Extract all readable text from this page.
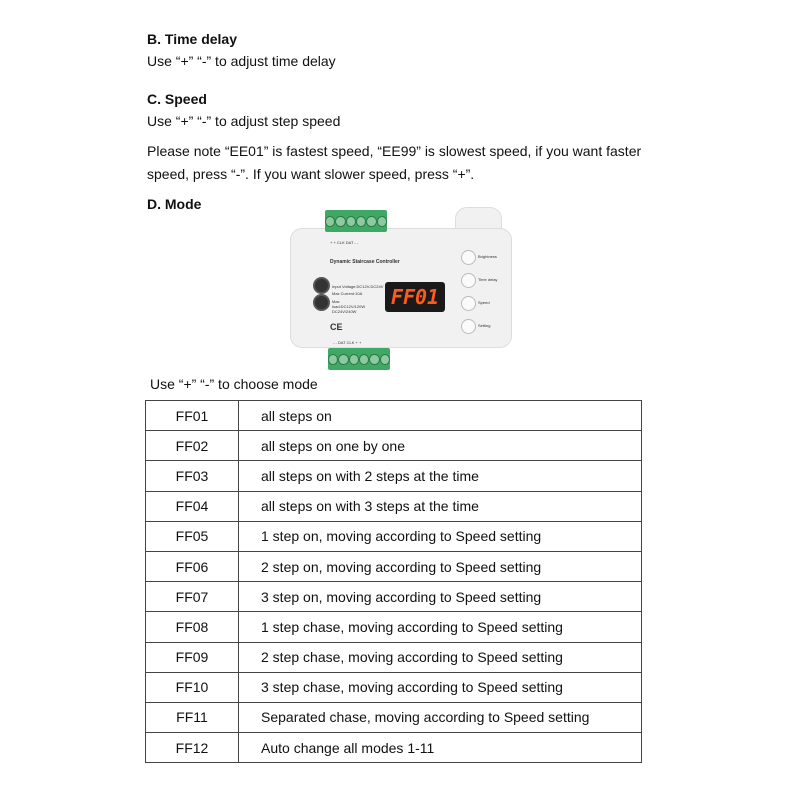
B. Time delay
Use “+” “-” to adjust time delay
C. Speed
Use “+” “-” to adjust step speed
Please note “EE01” is fastest speed, “EE99” is slowest speed, if you want faster speed, press “-”. If you want slower speed, press “+”.
D. Mode
+ + CLK DAT - -
- - DAT CLK + +
Dynamic Staircase Controller
Input Voltage:DC12V-DC24V
Max Current:10A
Max load:DC12V/120W DC24V/240W
CE
FF01
Brightness
Time delay
Speed
Setting
Use “+” “-” to choose mode
FF01	all steps on
FF02	all steps on one by one
FF03	all steps on with 2 steps at the time
FF04	all steps on with 3 steps at the time
FF05	1 step on, moving according to Speed setting
FF06	2 step on, moving according to Speed setting
FF07	3 step on, moving according to Speed setting
FF08	1 step chase, moving according to Speed setting
FF09	2 step chase, moving according to Speed setting
FF10	3 step chase, moving according to Speed setting
FF11	Separated chase, moving according to Speed setting
FF12	Auto change all modes 1-11
